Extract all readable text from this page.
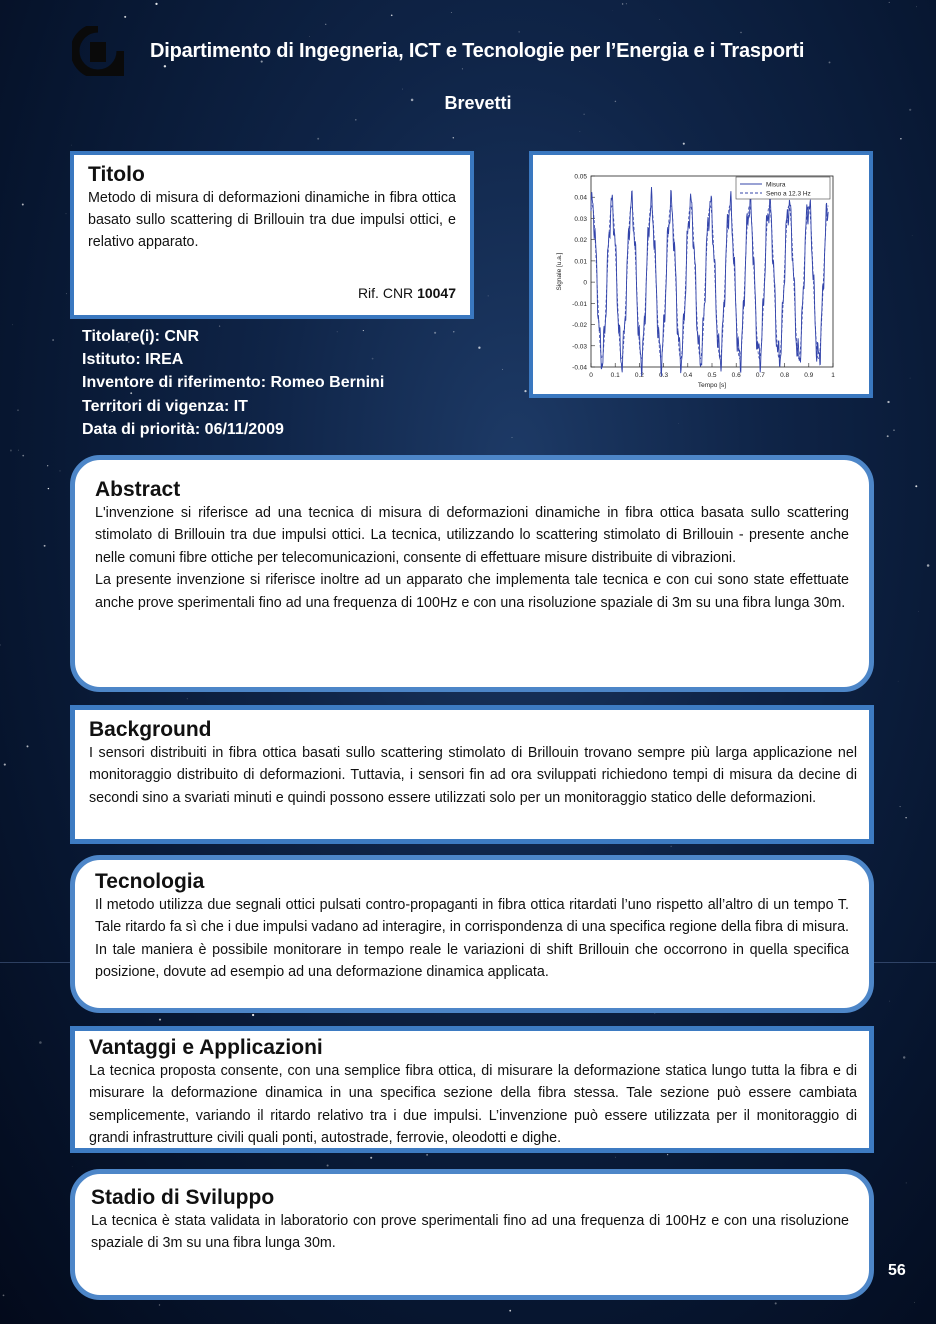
Dipartimento di Ingegneria, ICT e Tecnologie per l’Energia e i Trasporti
Brevetti
Titolo

Metodo di misura di deformazioni dinamiche in fibra ottica basato sullo scattering di Brillouin tra due impulsi ottici, e relativo apparato.

Rif. CNR 10047
0.05
0.04
0.03
0.02
0.01
0
-0.01
-0.02
-0.03
-0.04
0	0.1 0.2 0.3 0.4 0.5 0.6 0.7 0.8 0.9	1
Tempo [s]
Signale [u.a.]
Misura
Seno a 12.3 Hz
Titolare(i): CNR
Istituto: IREA
Inventore di riferimento: Romeo Bernini
Territori di vigenza: IT
Data di priorità: 06/11/2009
Abstract

L'invenzione si riferisce ad una tecnica di misura di deformazioni dinamiche in fibra ottica basata sullo scattering stimolato di Brillouin tra due impulsi ottici. La tecnica, utilizzando lo scattering stimolato di Brillouin - presente anche nelle comuni fibre ottiche per telecomunicazioni, consente di effettuare misure distribuite di vibrazioni.

La presente invenzione si riferisce inoltre ad un apparato che implementa tale tecnica e con cui sono state effettuate anche prove sperimentali fino ad una frequenza di 100Hz e con una risoluzione spaziale di 3m su una fibra lunga 30m.

Background

I sensori distribuiti in fibra ottica basati sullo scattering stimolato di Brillouin trovano sempre più larga applicazione nel monitoraggio distribuito di deformazioni. Tuttavia, i sensori fin ad ora sviluppati richiedono tempi di misura da decine di secondi sino a svariati minuti e quindi possono essere utilizzati solo per un monitoraggio statico delle deformazioni.

Tecnologia

Il metodo utilizza due segnali ottici pulsati contro-propaganti in fibra ottica ritardati l’uno rispetto all’altro di un tempo T. Tale ritardo fa sì che i due impulsi vadano ad interagire, in corrispondenza di una specifica regione della fibra di misura. In tale maniera è possibile monitorare in tempo reale le variazioni di shift Brillouin che occorrono in quella specifica posizione, dovute ad esempio ad una deformazione dinamica applicata.

Vantaggi e Applicazioni

La tecnica proposta consente, con una semplice fibra ottica, di misurare la deformazione statica lungo tutta la fibra e di misurare la deformazione dinamica in una specifica sezione della fibra stessa. Tale sezione può essere cambiata semplicemente, variando il ritardo relativo tra i due impulsi. L’invenzione può essere utilizzata per il monitoraggio di grandi infrastrutture civili quali ponti, autostrade, ferrovie, oleodotti e dighe.

Stadio di Sviluppo

La tecnica è stata validata in laboratorio con prove sperimentali fino ad una frequenza di 100Hz e con una risoluzione spaziale di 3m su una fibra lunga 30m.

56
